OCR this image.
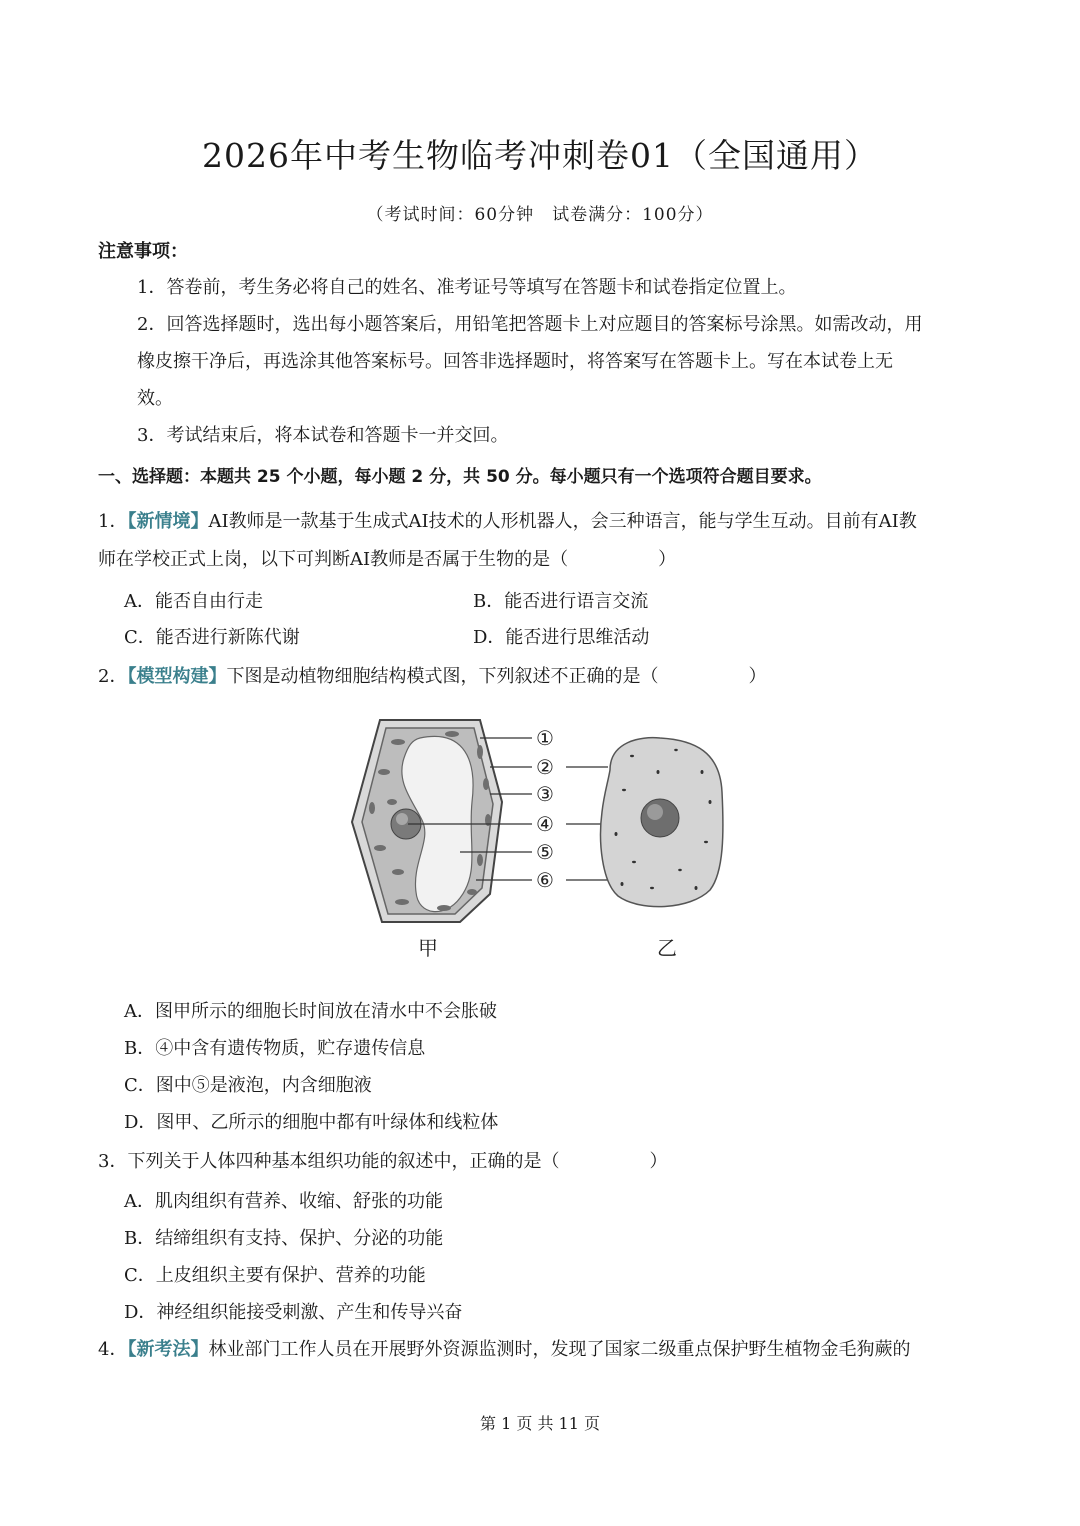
2026年中考生物临考冲刺卷01（全国通用）
（考试时间：60分钟　试卷满分：100分）
注意事项：
1．答卷前，考生务必将自己的姓名、准考证号等填写在答题卡和试卷指定位置上。
2．回答选择题时，选出每小题答案后，用铅笔把答题卡上对应题目的答案标号涂黑。如需改动，用
橡皮擦干净后，再选涂其他答案标号。回答非选择题时，将答案写在答题卡上。写在本试卷上无
效。
3．考试结束后，将本试卷和答题卡一并交回。
一、选择题：本题共 25 个小题，每小题 2 分，共 50 分。每小题只有一个选项符合题目要求。
1．【新情境】AI教师是一款基于生成式AI技术的人形机器人，会三种语言，能与学生互动。目前有AI教
师在学校正式上岗，以下可判断AI教师是否属于生物的是（　　　　　）
A．能否自由行走	B．能否进行语言交流
C．能否进行新陈代谢	D．能否进行思维活动
2．【模型构建】下图是动植物细胞结构模式图，下列叙述不正确的是（　　　　　）
①
②
③
④
⑤
⑥
甲	乙
A．图甲所示的细胞长时间放在清水中不会胀破
B．④中含有遗传物质，贮存遗传信息
C．图中⑤是液泡，内含细胞液
D．图甲、乙所示的细胞中都有叶绿体和线粒体
3．下列关于人体四种基本组织功能的叙述中，正确的是（　　　　　）
A．肌肉组织有营养、收缩、舒张的功能
B．结缔组织有支持、保护、分泌的功能
C．上皮组织主要有保护、营养的功能
D．神经组织能接受刺激、产生和传导兴奋
4．【新考法】林业部门工作人员在开展野外资源监测时，发现了国家二级重点保护野生植物金毛狗蕨的
第 1 页 共 11 页
